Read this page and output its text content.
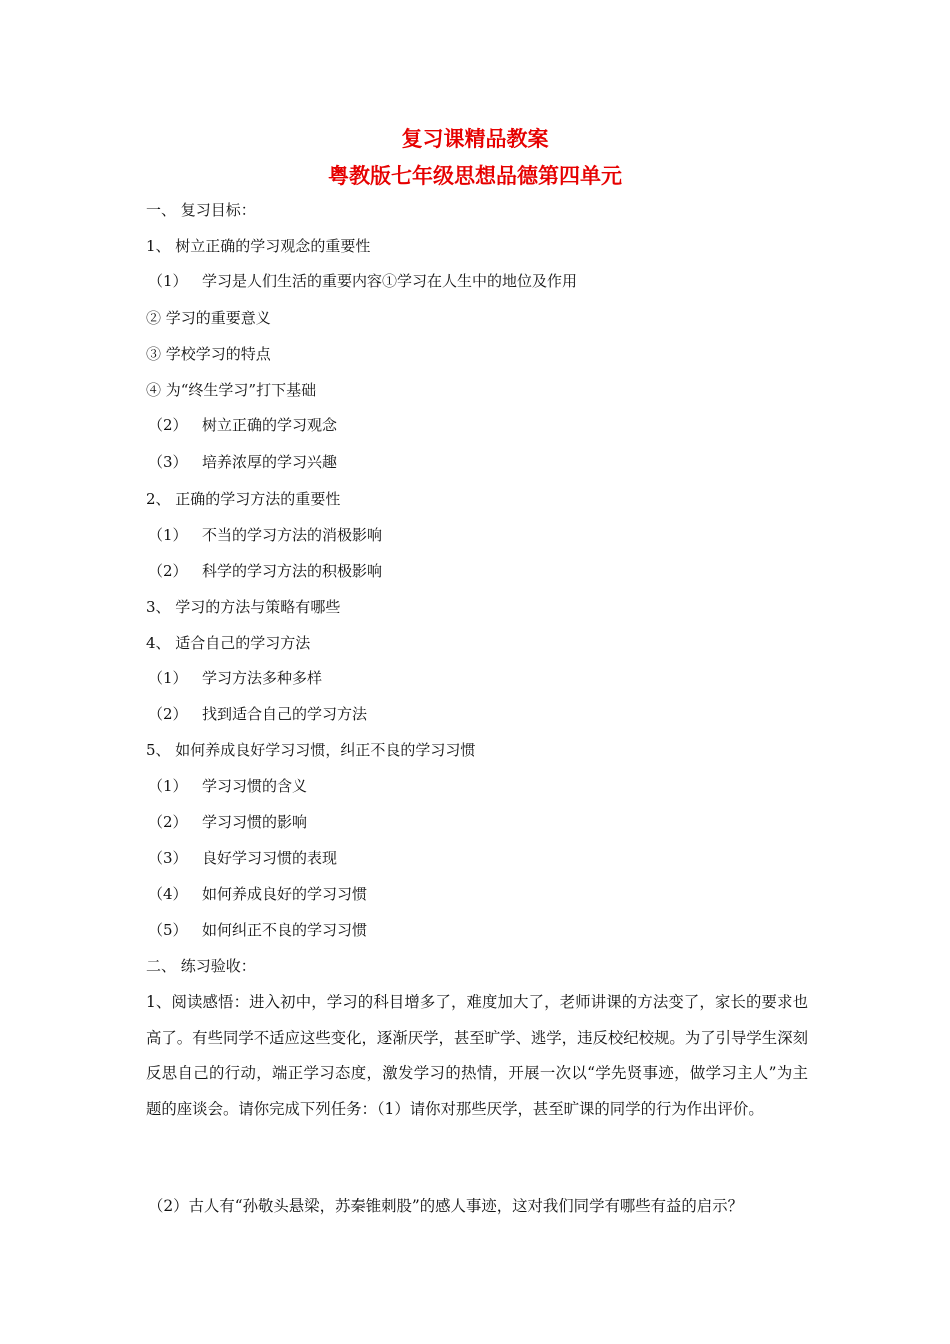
复习课精品教案
粤教版七年级思想品德第四单元
一、 复习目标：
1、 树立正确的学习观念的重要性
（1） 学习是人们生活的重要内容①学习在人生中的地位及作用
② 学习的重要意义
③ 学校学习的特点
④ 为“终生学习”打下基础
（2） 树立正确的学习观念
（3） 培养浓厚的学习兴趣
2、 正确的学习方法的重要性
（1） 不当的学习方法的消极影响
（2） 科学的学习方法的积极影响
3、 学习的方法与策略有哪些
4、 适合自己的学习方法
（1） 学习方法多种多样
（2） 找到适合自己的学习方法
5、 如何养成良好学习习惯，纠正不良的学习习惯
（1） 学习习惯的含义
（2） 学习习惯的影响
（3） 良好学习习惯的表现
（4） 如何养成良好的学习习惯
（5） 如何纠正不良的学习习惯
二、 练习验收：
1、阅读感悟：进入初中，学习的科目增多了，难度加大了，老师讲课的方法变了，家长的要求也高了。有些同学不适应这些变化，逐渐厌学，甚至旷学、逃学，违反校纪校规。为了引导学生深刻反思自己的行动，端正学习态度，激发学习的热情，开展一次以“学先贤事迹，做学习主人”为主题的座谈会。请你完成下列任务：（1）请你对那些厌学，甚至旷课的同学的行为作出评价。
（2）古人有“孙敬头悬梁，苏秦锥刺股”的感人事迹，这对我们同学有哪些有益的启示？
